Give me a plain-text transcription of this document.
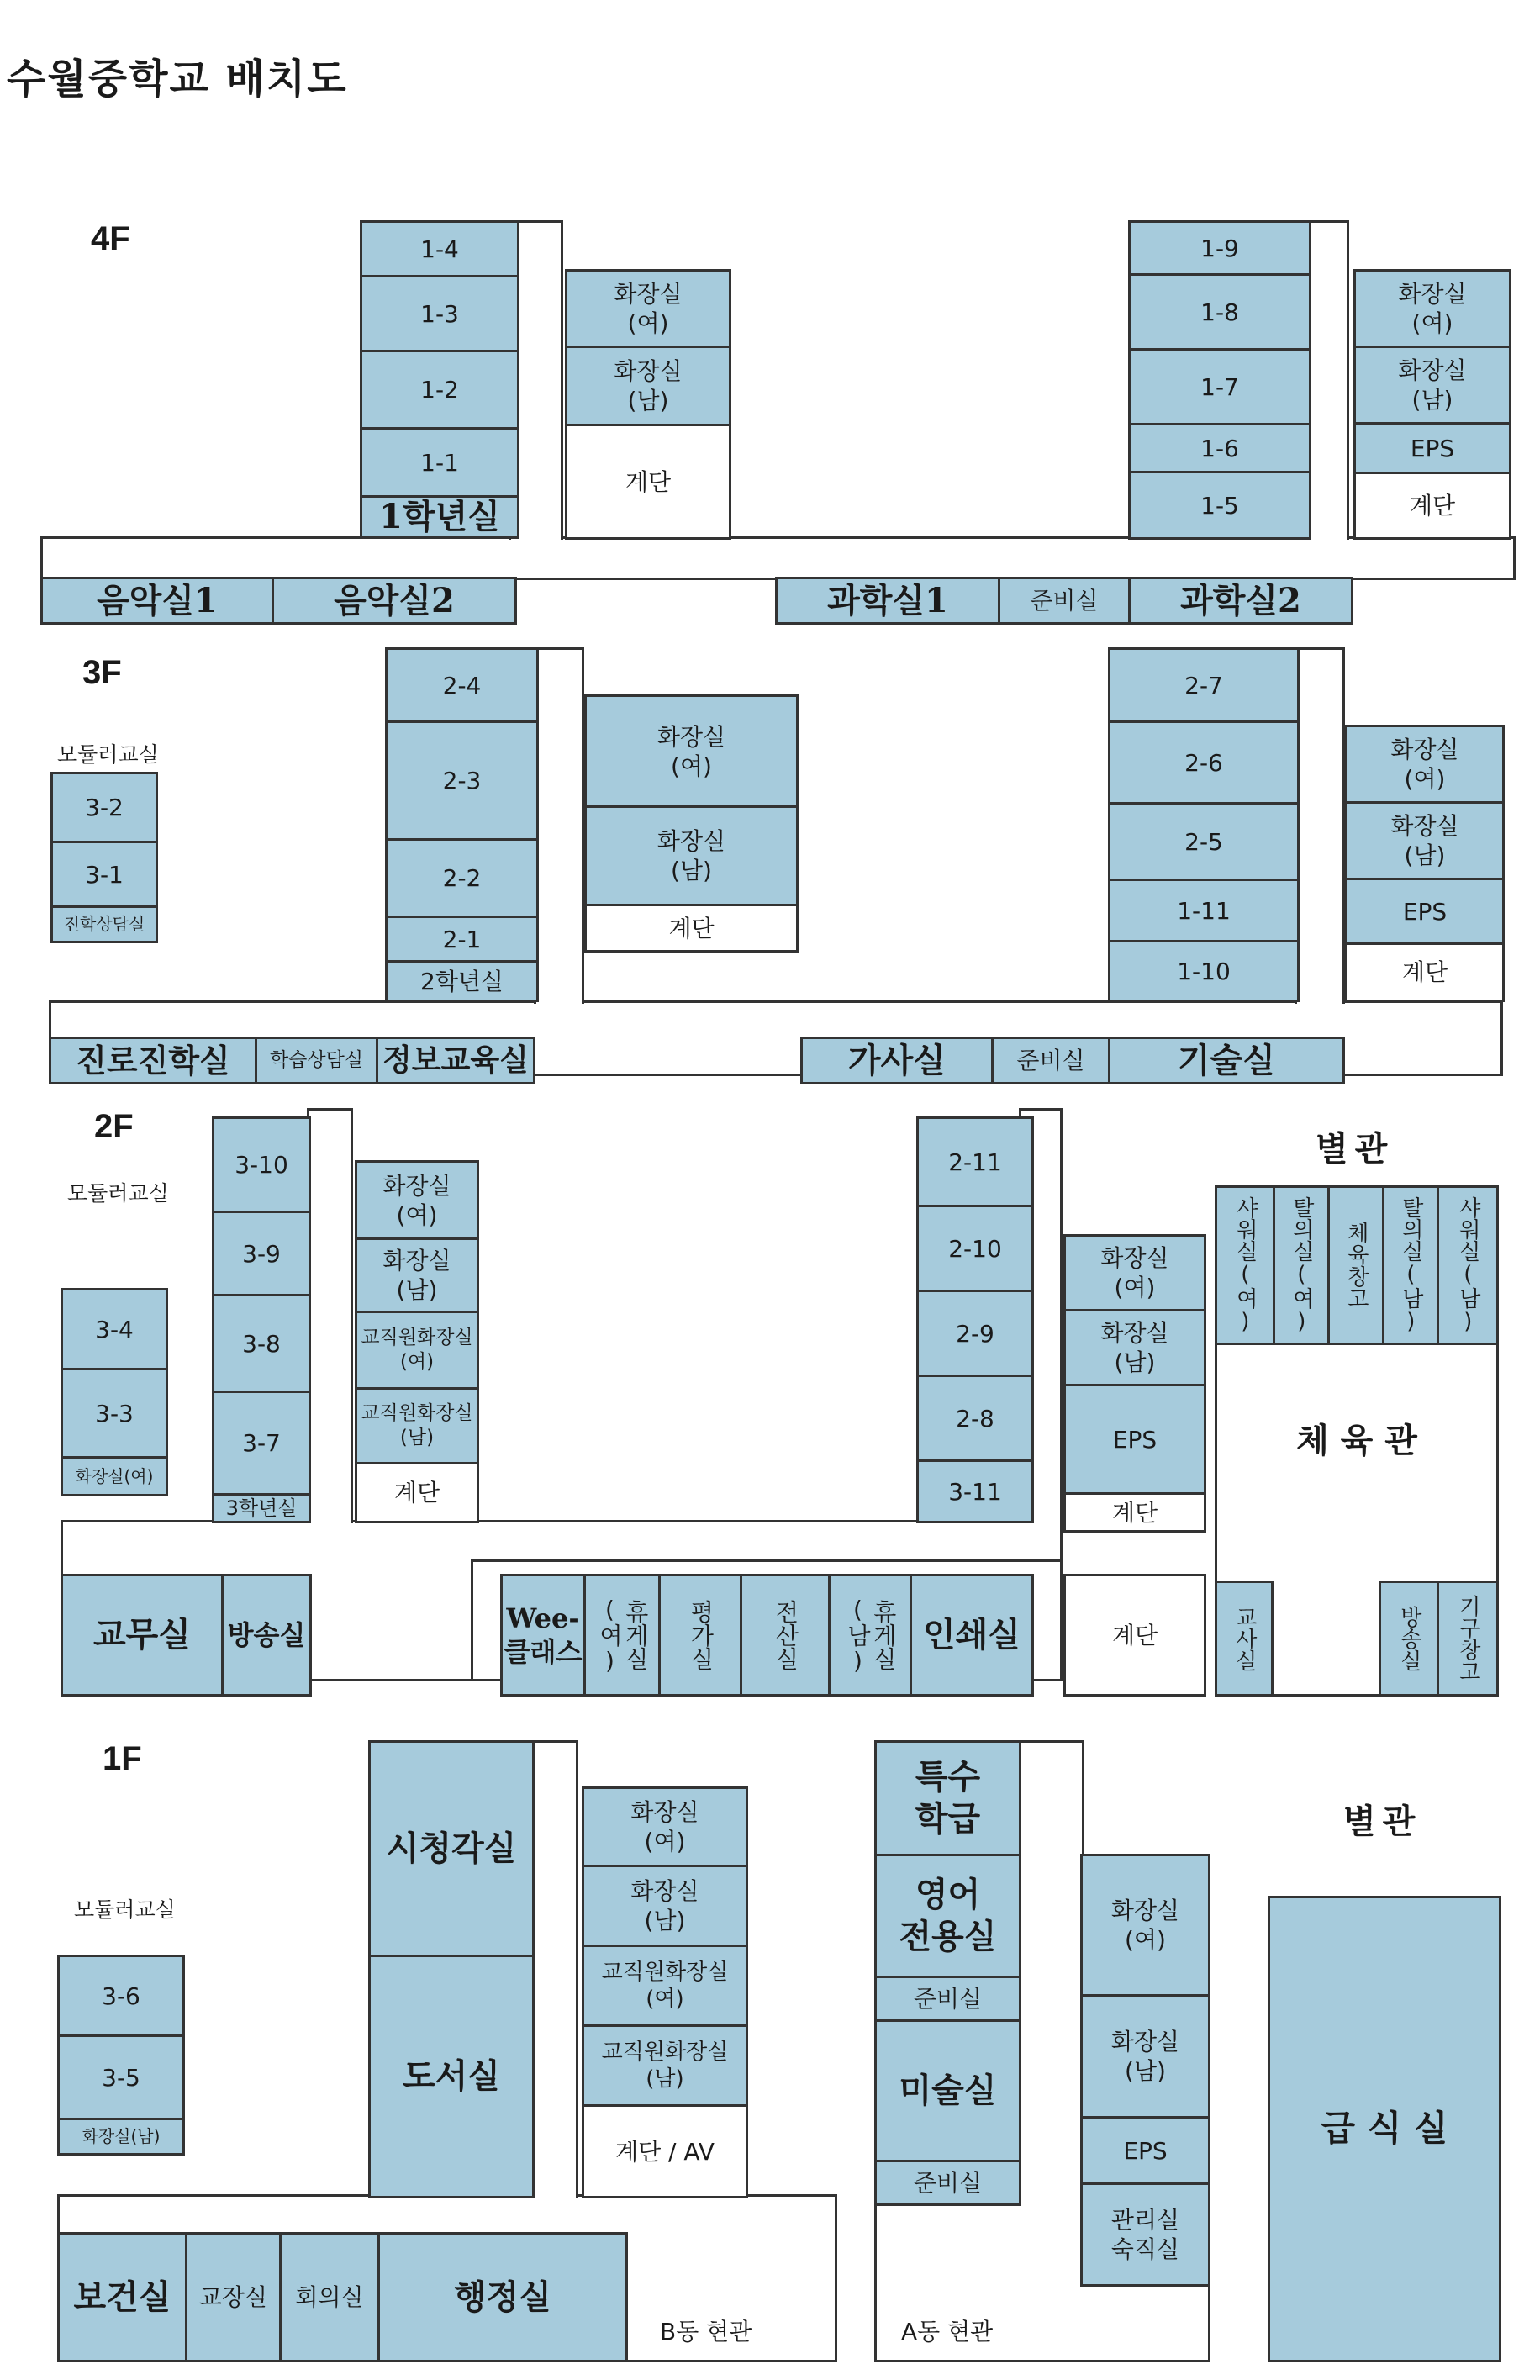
수월중학교 배치도
4F	1-4
1-3
1-2
1-1
1학년실
화장실
(여)
화장실
(남)
계단
1-9
1-8
1-7
1-6
1-5
화장실
(여)
화장실
(남)
EPS
계단
음악실1	음악실2	과학실1	준비실	과학실2
3F
모듈러교실
3-2
3-1
진학상담실
2-4
2-3
2-2
2-1
2학년실
화장실
(여)
화장실
(남)
계단
2-7
2-6
2-5
1-11
1-10
화장실
(여)
화장실
(남)
EPS
계단
진로진학실	학습상담실 정보교육실	가사실	준비실	기술실
2F
모듈러교실
별관
3-4
3-3
화장실(여)
3-10
3-9
3-8
3-7
3학년실
화장실
(여)
화장실
(남)
교직원화장실
(여)
교직원화장실
(남)
계단
2-11
2-10
2-9
2-8
3-11
화장실
(여)
화장실
(남)
EPS
계단
교무실	방송실
Wee-
클래스	휴게실(여)	평가실	전산실	휴게실(남)	인쇄실	계단
체 육 관
샤워실(여)	탈의실(여)	체육창고	탈의실(남)	샤워실(남)
교사실	방송실	기구창고
1F
모듈러교실
별관
3-6
3-5
화장실(남)
시청각실
도서실
화장실
(여)
화장실
(남)
교직원화장실
(여)
교직원화장실
(남)
계단 / AV
특수
학급
영어
전용실
준비실
미술실
준비실
화장실
(여)
화장실
(남)
EPS
관리실
숙직실
보건실	교장실	회의실	행정실
B동 현관	A동 현관
급 식 실
